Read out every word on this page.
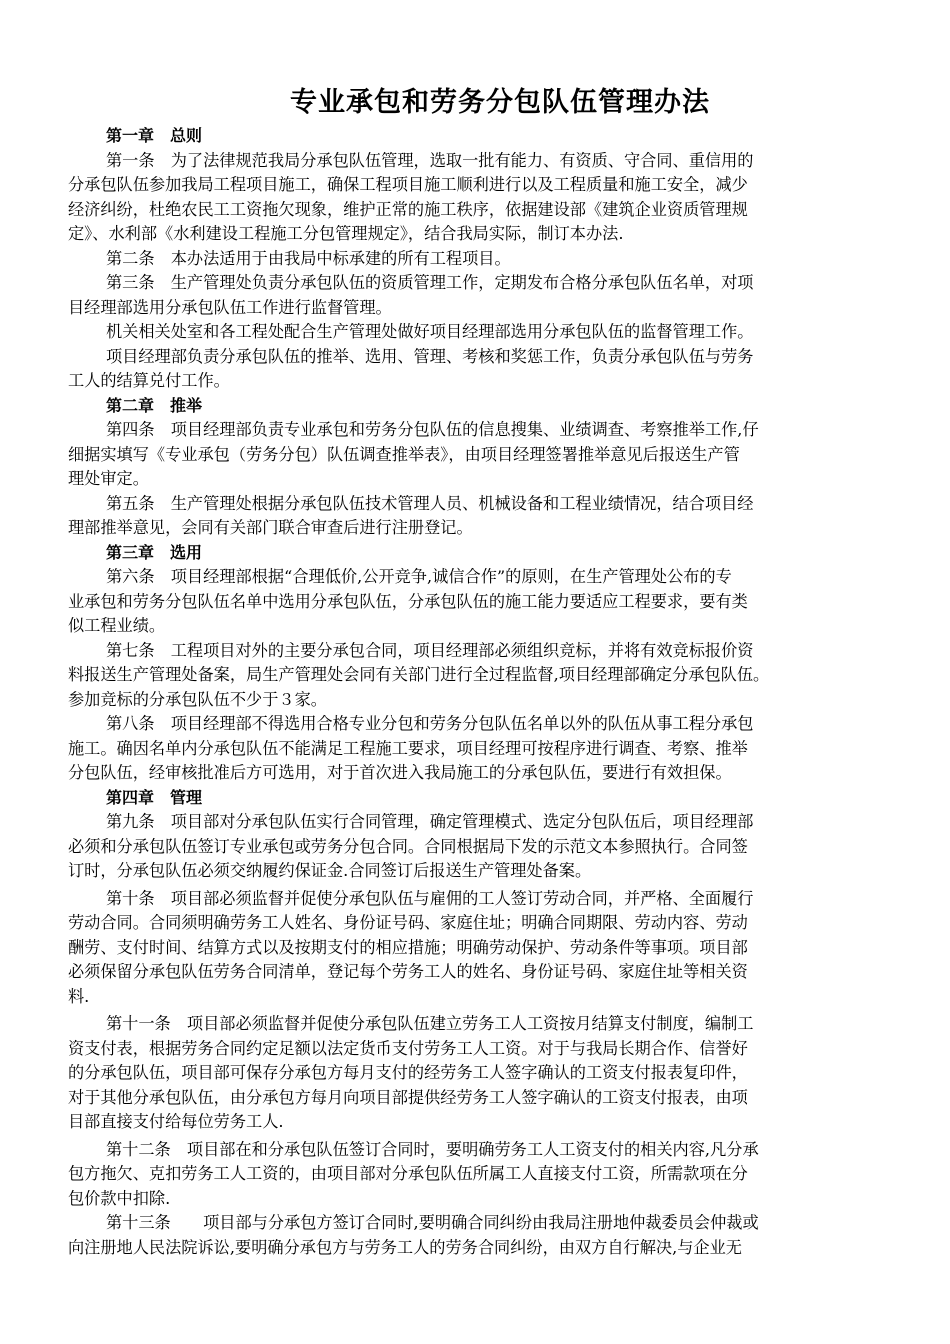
专业承包和劳务分包队伍管理办法
第一章　总则
第一条　为了法律规范我局分承包队伍管理，选取一批有能力、有资质、守合同、重信用的
分承包队伍参加我局工程项目施工，确保工程项目施工顺利进行以及工程质量和施工安全，减少
经济纠纷，杜绝农民工工资拖欠现象，维护正常的施工秩序，依据建设部《建筑企业资质管理规
定》、水利部《水利建设工程施工分包管理规定》，结合我局实际，制订本办法.
第二条　本办法适用于由我局中标承建的所有工程项目。
第三条　生产管理处负责分承包队伍的资质管理工作，定期发布合格分承包队伍名单，对项
目经理部选用分承包队伍工作进行监督管理。
机关相关处室和各工程处配合生产管理处做好项目经理部选用分承包队伍的监督管理工作。
项目经理部负责分承包队伍的推举、选用、管理、考核和奖惩工作，负责分承包队伍与劳务
工人的结算兑付工作。
第二章　推举
第四条　项目经理部负责专业承包和劳务分包队伍的信息搜集、业绩调查、考察推举工作,仔
细据实填写《专业承包（劳务分包）队伍调查推举表》，由项目经理签署推举意见后报送生产管
理处审定。
第五条　生产管理处根据分承包队伍技术管理人员、机械设备和工程业绩情况，结合项目经
理部推举意见，会同有关部门联合审查后进行注册登记。
第三章　选用
第六条　项目经理部根据“合理低价,公开竞争,诚信合作”的原则，在生产管理处公布的专
业承包和劳务分包队伍名单中选用分承包队伍，分承包队伍的施工能力要适应工程要求，要有类
似工程业绩。
第七条　工程项目对外的主要分承包合同，项目经理部必须组织竞标，并将有效竞标报价资
料报送生产管理处备案，局生产管理处会同有关部门进行全过程监督,项目经理部确定分承包队伍。
参加竞标的分承包队伍不少于３家。
第八条　项目经理部不得选用合格专业分包和劳务分包队伍名单以外的队伍从事工程分承包
施工。确因名单内分承包队伍不能满足工程施工要求，项目经理可按程序进行调查、考察、推举
分包队伍，经审核批准后方可选用，对于首次进入我局施工的分承包队伍，要进行有效担保。
第四章　管理
第九条　项目部对分承包队伍实行合同管理，确定管理模式、选定分包队伍后，项目经理部
必须和分承包队伍签订专业承包或劳务分包合同。合同根据局下发的示范文本参照执行。合同签
订时，分承包队伍必须交纳履约保证金.合同签订后报送生产管理处备案。
第十条　项目部必须监督并促使分承包队伍与雇佣的工人签订劳动合同，并严格、全面履行
劳动合同。合同须明确劳务工人姓名、身份证号码、家庭住址；明确合同期限、劳动内容、劳动
酬劳、支付时间、结算方式以及按期支付的相应措施；明确劳动保护、劳动条件等事项。项目部
必须保留分承包队伍劳务合同清单，登记每个劳务工人的姓名、身份证号码、家庭住址等相关资
料.
第十一条　项目部必须监督并促使分承包队伍建立劳务工人工资按月结算支付制度，编制工
资支付表，根据劳务合同约定足额以法定货币支付劳务工人工资。对于与我局长期合作、信誉好
的分承包队伍，项目部可保存分承包方每月支付的经劳务工人签字确认的工资支付报表复印件，
对于其他分承包队伍，由分承包方每月向项目部提供经劳务工人签字确认的工资支付报表，由项
目部直接支付给每位劳务工人.
第十二条　项目部在和分承包队伍签订合同时，要明确劳务工人工资支付的相关内容,凡分承
包方拖欠、克扣劳务工人工资的，由项目部对分承包队伍所属工人直接支付工资，所需款项在分
包价款中扣除.
第十三条　　项目部与分承包方签订合同时,要明确合同纠纷由我局注册地仲裁委员会仲裁或
向注册地人民法院诉讼,要明确分承包方与劳务工人的劳务合同纠纷，由双方自行解决,与企业无
